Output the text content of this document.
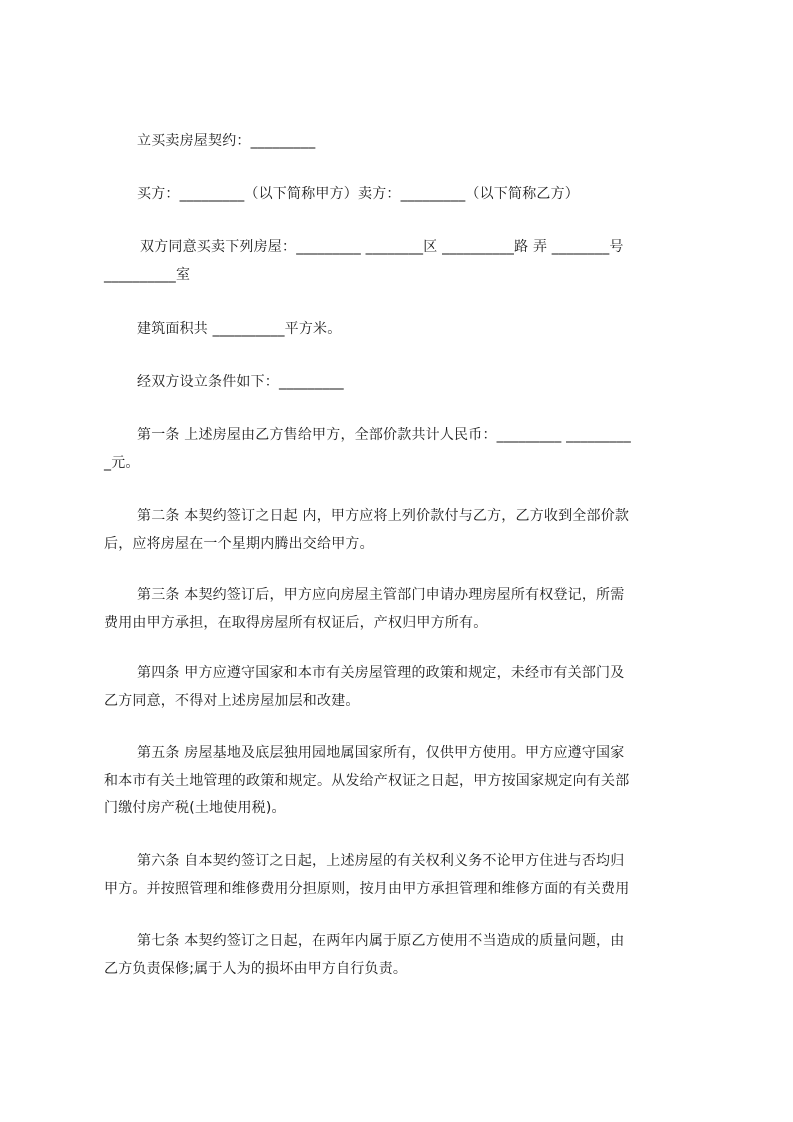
立买卖房屋契约：_________
买方：_________（以下简称甲方）卖方：_________（以下简称乙方）
双方同意买卖下列房屋：_________ ________区 __________路 弄 ________号
__________室
建筑面积共 __________平方米。
经双方设立条件如下：_________
第一条 上述房屋由乙方售给甲方，全部价款共计人民币：_________ _________
_元。
第二条 本契约签订之日起 内，甲方应将上列价款付与乙方，乙方收到全部价款
后，应将房屋在一个星期内腾出交给甲方。
第三条 本契约签订后，甲方应向房屋主管部门申请办理房屋所有权登记，所需
费用由甲方承担，在取得房屋所有权证后，产权归甲方所有。
第四条 甲方应遵守国家和本市有关房屋管理的政策和规定，未经市有关部门及
乙方同意，不得对上述房屋加层和改建。
第五条 房屋基地及底层独用园地属国家所有，仅供甲方使用。甲方应遵守国家
和本市有关土地管理的政策和规定。从发给产权证之日起，甲方按国家规定向有关部
门缴付房产税(土地使用税)。
第六条 自本契约签订之日起，上述房屋的有关权利义务不论甲方住进与否均归
甲方。并按照管理和维修费用分担原则，按月由甲方承担管理和维修方面的有关费用
第七条 本契约签订之日起，在两年内属于原乙方使用不当造成的质量问题，由
乙方负责保修;属于人为的损坏由甲方自行负责。
